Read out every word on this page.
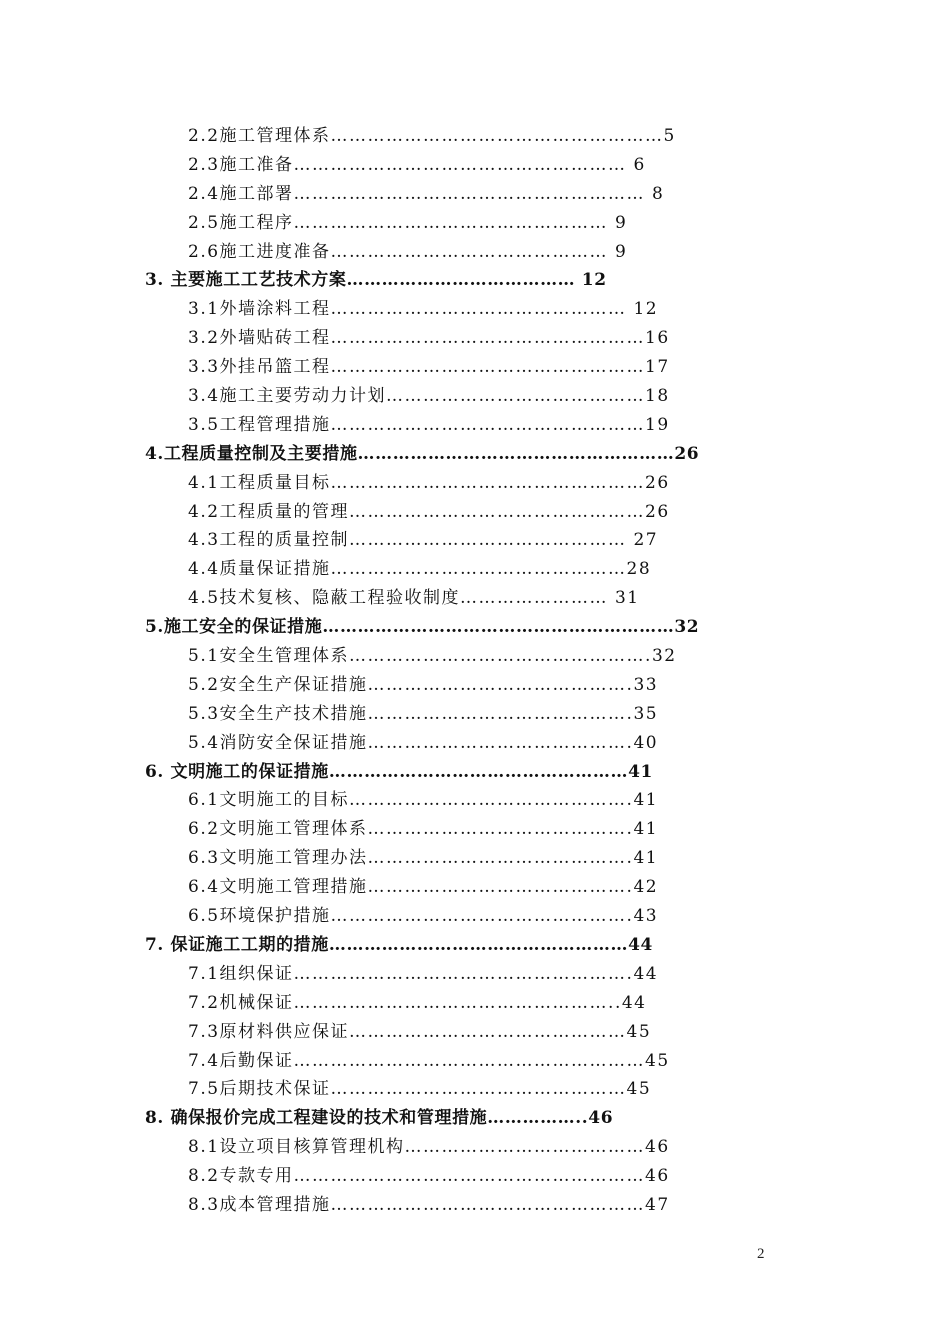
2.2施工管理体系………………………………………………5
2.3施工准备……………………………………………… 6
2.4施工部署………………………………………………… 8
2.5施工程序…………………………………………… 9
2.6施工进度准备……………………………………… 9
3. 主要施工工艺技术方案………………………………… 12
3.1外墙涂料工程………………………………………… 12
3.2外墙贴砖工程……………………………………………16
3.3外挂吊篮工程……………………………………………17
3.4施工主要劳动力计划……………………………………18
3.5工程管理措施……………………………………………19
4.工程质量控制及主要措施………………………………………………26
4.1工程质量目标……………………………………………26
4.2工程质量的管理…………………………………………26
4.3工程的质量控制……………………………………… 27
4.4质量保证措施…………………………………………28
4.5技术复核、隐蔽工程验收制度…………………… 31
5.施工安全的保证措施……………………………………………………32
5.1安全生管理体系………………………………………….32
5.2安全生产保证措施…………………………………….33
5.3安全生产技术措施…………………………………….35
5.4消防安全保证措施…………………………………….40
6. 文明施工的保证措施……………………………………………41
6.1文明施工的目标……………………………………….41
6.2文明施工管理体系…………………………………….41
6.3文明施工管理办法…………………………………….41
6.4文明施工管理措施…………………………………….42
6.5环境保护措施………………………………………….43
7. 保证施工工期的措施……………………………………………44
7.1组织保证……………………………………………….44
7.2机械保证……………………………………………..44
7.3原材料供应保证………………………………………45
7.4后勤保证…………………………………………………45
7.5后期技术保证…………………………………………45
8. 确保报价完成工程建设的技术和管理措施……………..46
8.1设立项目核算管理机构…………………………………46
8.2专款专用…………………………………………………46
8.3成本管理措施……………………………………………47
2
